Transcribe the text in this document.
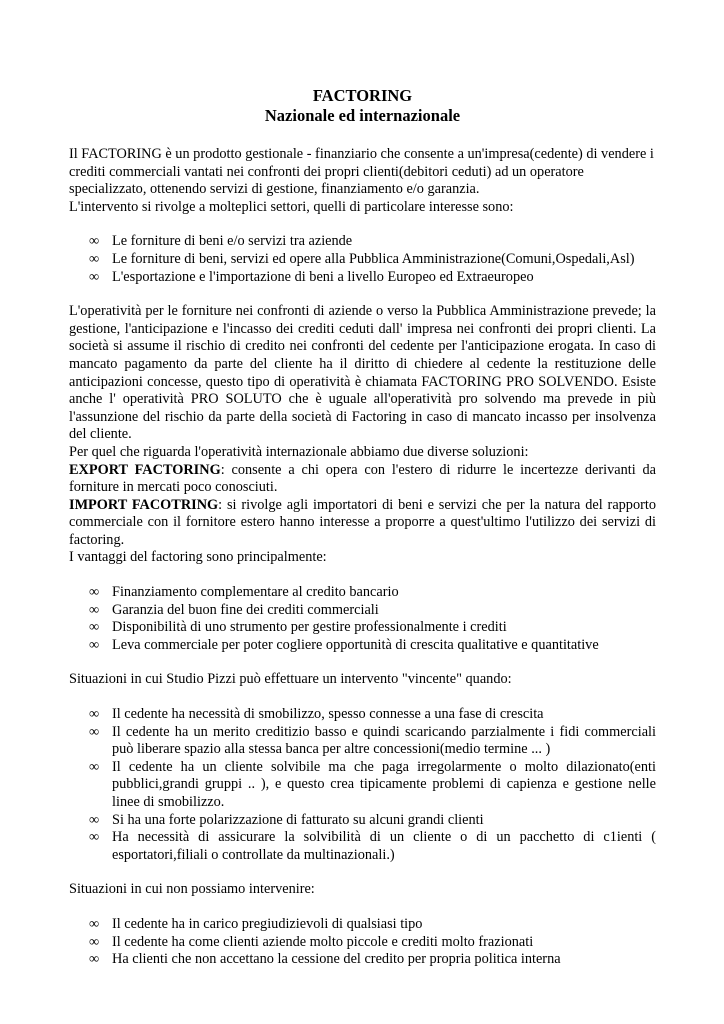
FACTORING

Nazionale ed internazionale

Il FACTORING è un prodotto gestionale - finanziario che consente a un'impresa(cedente) di vendere i crediti commerciali vantati nei confronti dei propri clienti(debitori ceduti) ad un operatore specializzato, ottenendo servizi di gestione, finanziamento e/o garanzia.

L'intervento si rivolge a molteplici settori, quelli di particolare interesse sono:

∞ Le forniture di beni e/o servizi tra aziende
∞ Le forniture di beni, servizi ed opere alla Pubblica Amministrazione(Comuni,Ospedali,Asl)
∞ L'esportazione e l'importazione di beni a livello Europeo ed Extraeuropeo

L'operatività per le forniture nei confronti di aziende o verso la Pubblica Amministrazione prevede; la gestione, l'anticipazione e l'incasso dei crediti ceduti dall' impresa nei confronti dei propri clienti. La società si assume il rischio di credito nei confronti del cedente per l'anticipazione erogata. In caso di mancato pagamento da parte del cliente ha il diritto di chiedere al cedente la restituzione delle anticipazioni concesse, questo tipo di operatività è chiamata FACTORING PRO SOLVENDO. Esiste anche l' operatività PRO SOLUTO che è uguale all'operatività pro solvendo ma prevede in più l'assunzione del rischio da parte della società di Factoring in caso di mancato incasso per insolvenza del cliente.

Per quel che riguarda l'operatività internazionale abbiamo due diverse soluzioni:

EXPORT FACTORING: consente a chi opera con l'estero di ridurre le incertezze derivanti da forniture in mercati poco conosciuti.

IMPORT FACOTRING: si rivolge agli importatori di beni e servizi che per la natura del rapporto commerciale con il fornitore estero hanno interesse a proporre a quest'ultimo l'utilizzo dei servizi di factoring.

I vantaggi del factoring sono principalmente:

∞ Finanziamento complementare al credito bancario
∞ Garanzia del buon fine dei crediti commerciali
∞ Disponibilità di uno strumento per gestire professionalmente i crediti
∞ Leva commerciale per poter cogliere opportunità di crescita qualitative e quantitative

Situazioni in cui Studio Pizzi può effettuare un intervento "vincente" quando:

∞ Il cedente ha necessità di smobilizzo, spesso connesse a una fase di crescita
∞ Il cedente ha un merito creditizio basso e quindi scaricando parzialmente i fidi commerciali può liberare spazio alla stessa banca per altre concessioni(medio termine ... )
∞ Il cedente ha un cliente solvibile ma che paga irregolarmente o molto dilazionato(enti pubblici,grandi gruppi .. ), e questo crea tipicamente problemi di capienza e gestione nelle linee di smobilizzo.
∞ Si ha una forte polarizzazione di fatturato su alcuni grandi clienti
∞ Ha necessità di assicurare la solvibilità di un cliente o di un pacchetto di c1ienti ( esportatori,filiali o controllate da multinazionali.)

Situazioni in cui non possiamo intervenire:

∞ Il cedente ha in carico pregiudizievoli di qualsiasi tipo
∞ Il cedente ha come clienti aziende molto piccole e crediti molto frazionati
∞ Ha clienti che non accettano la cessione del credito per propria politica interna
